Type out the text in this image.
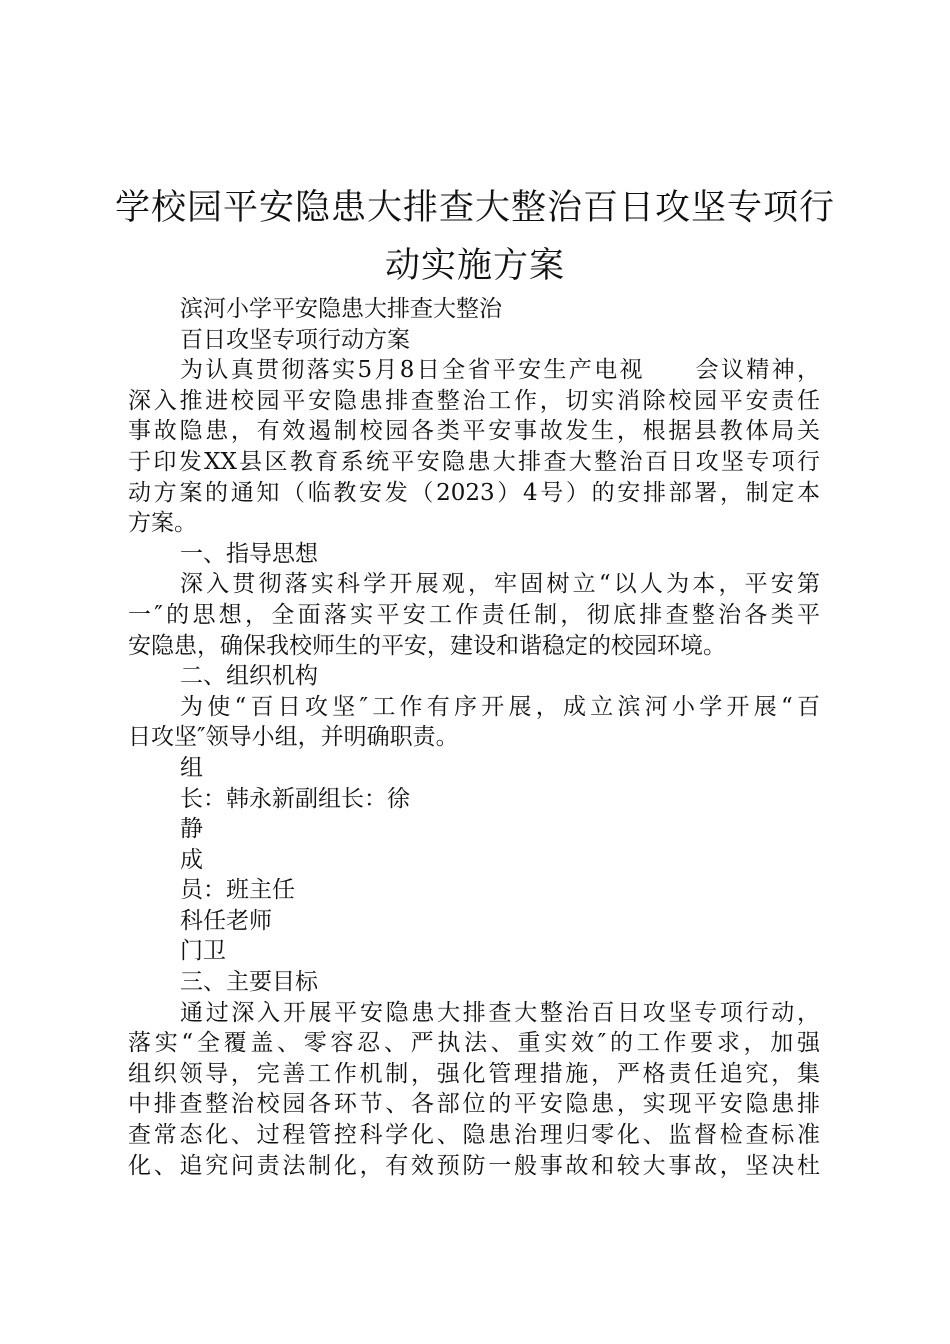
学校园平安隐患大排查大整治百日攻坚专项行
动实施方案
滨河小学平安隐患大排查大整治
百日攻坚专项行动方案
为认真贯彻落实5月8日全省平安生产电视　　会议精神，
深入推进校园平安隐患排查整治工作，切实消除校园平安责任
事故隐患，有效遏制校园各类平安事故发生，根据县教体局关
于印发XX县区教育系统平安隐患大排查大整治百日攻坚专项行
动方案的通知（临教安发（2023）4号）的安排部署，制定本
方案。
一、指导思想
深入贯彻落实科学开展观，牢固树立“以人为本，平安第
一″的思想，全面落实平安工作责任制，彻底排查整治各类平
安隐患，确保我校师生的平安，建设和谐稳定的校园环境。
二、组织机构
为使“百日攻坚″工作有序开展，成立滨河小学开展“百
日攻坚″领导小组，并明确职责。
组
长：韩永新副组长：徐
静
成
员：班主任
科任老师
门卫
三、主要目标
通过深入开展平安隐患大排查大整治百日攻坚专项行动，
落实“全覆盖、零容忍、严执法、重实效″的工作要求，加强
组织领导，完善工作机制，强化管理措施，严格责任追究，集
中排查整治校园各环节、各部位的平安隐患，实现平安隐患排
查常态化、过程管控科学化、隐患治理归零化、监督检查标准
化、追究问责法制化，有效预防一般事故和较大事故，坚决杜
